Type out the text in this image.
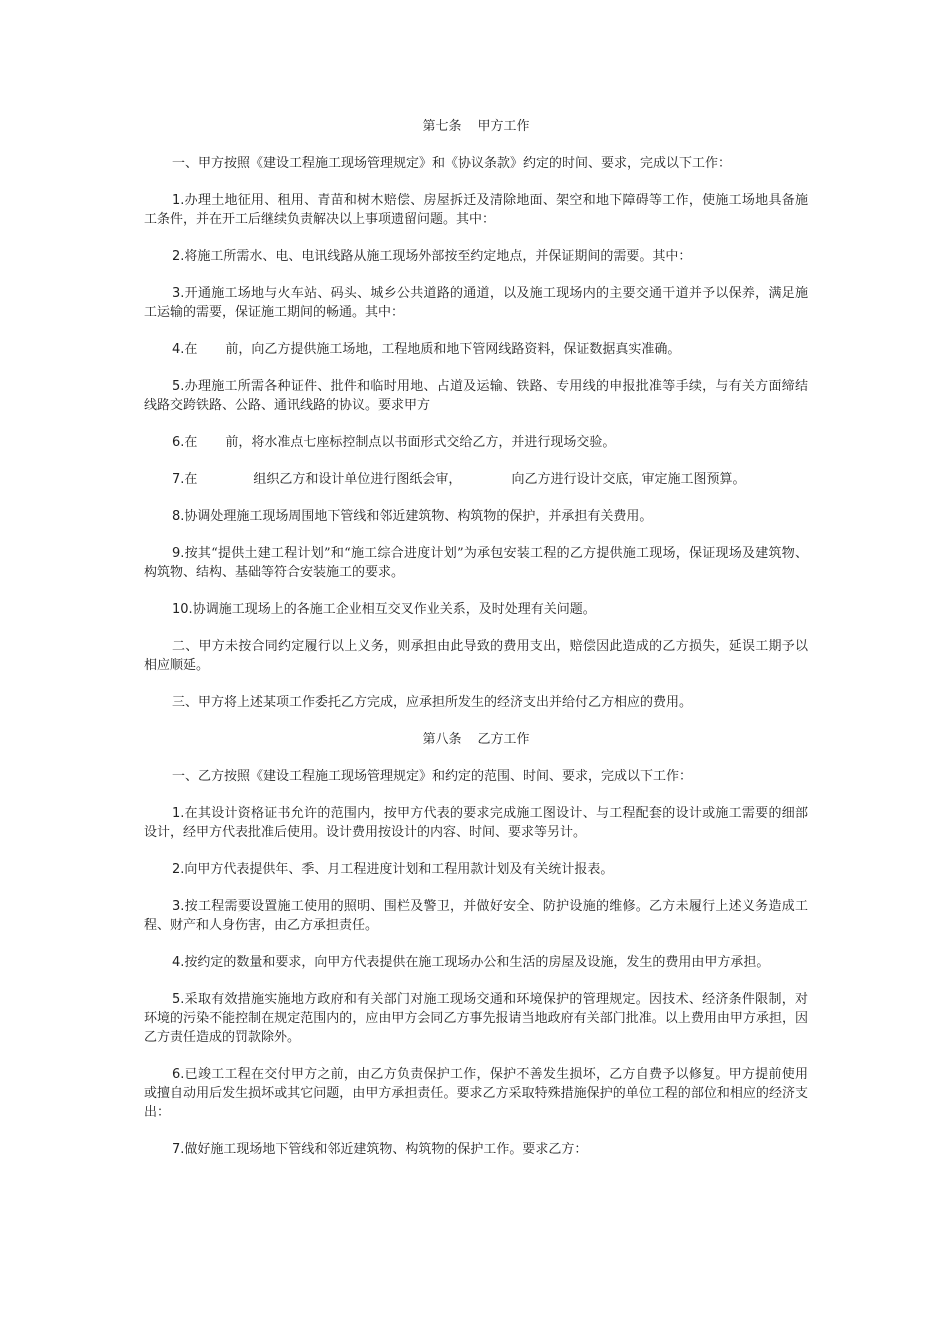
第七条 甲方工作

一、甲方按照《建设工程施工现场管理规定》和《协议条款》约定的时间、要求，完成以下工作：

1.办理土地征用、租用、青苗和树木赔偿、房屋拆迁及清除地面、架空和地下障碍等工作，使施工场地具备施工条件，并在开工后继续负责解决以上事项遗留问题。其中：

2.将施工所需水、电、电讯线路从施工现场外部按至约定地点，并保证期间的需要。其中：

3.开通施工场地与火车站、码头、城乡公共道路的通道，以及施工现场内的主要交通干道并予以保养，满足施工运输的需要，保证施工期间的畅通。其中：

4.在 前，向乙方提供施工场地，工程地质和地下管网线路资料，保证数据真实准确。

5.办理施工所需各种证件、批件和临时用地、占道及运输、铁路、专用线的申报批准等手续，与有关方面缔结线路交跨铁路、公路、通讯线路的协议。要求甲方

6.在 前，将水准点七座标控制点以书面形式交给乙方，并进行现场交验。

7.在	组织乙方和设计单位进行图纸会审，	向乙方进行设计交底，审定施工图预算。

8.协调处理施工现场周围地下管线和邻近建筑物、构筑物的保护，并承担有关费用。

9.按其“提供土建工程计划”和“施工综合进度计划”为承包安装工程的乙方提供施工现场，保证现场及建筑物、构筑物、结构、基础等符合安装施工的要求。

10.协调施工现场上的各施工企业相互交叉作业关系，及时处理有关问题。

二、甲方未按合同约定履行以上义务，则承担由此导致的费用支出，赔偿因此造成的乙方损失，延误工期予以相应顺延。

三、甲方将上述某项工作委托乙方完成，应承担所发生的经济支出并给付乙方相应的费用。

第八条 乙方工作

一、乙方按照《建设工程施工现场管理规定》和约定的范围、时间、要求，完成以下工作：

1.在其设计资格证书允许的范围内，按甲方代表的要求完成施工图设计、与工程配套的设计或施工需要的细部设计，经甲方代表批准后使用。设计费用按设计的内容、时间、要求等另计。

2.向甲方代表提供年、季、月工程进度计划和工程用款计划及有关统计报表。

3.按工程需要设置施工使用的照明、围栏及警卫，并做好安全、防护设施的维修。乙方未履行上述义务造成工程、财产和人身伤害，由乙方承担责任。

4.按约定的数量和要求，向甲方代表提供在施工现场办公和生活的房屋及设施，发生的费用由甲方承担。

5.采取有效措施实施地方政府和有关部门对施工现场交通和环境保护的管理规定。因技术、经济条件限制，对环境的污染不能控制在规定范围内的，应由甲方会同乙方事先报请当地政府有关部门批准。以上费用由甲方承担，因乙方责任造成的罚款除外。

6.已竣工工程在交付甲方之前，由乙方负责保护工作，保护不善发生损坏，乙方自费予以修复。甲方提前使用或擅自动用后发生损坏或其它问题，由甲方承担责任。要求乙方采取特殊措施保护的单位工程的部位和相应的经济支出：

7.做好施工现场地下管线和邻近建筑物、构筑物的保护工作。要求乙方：
